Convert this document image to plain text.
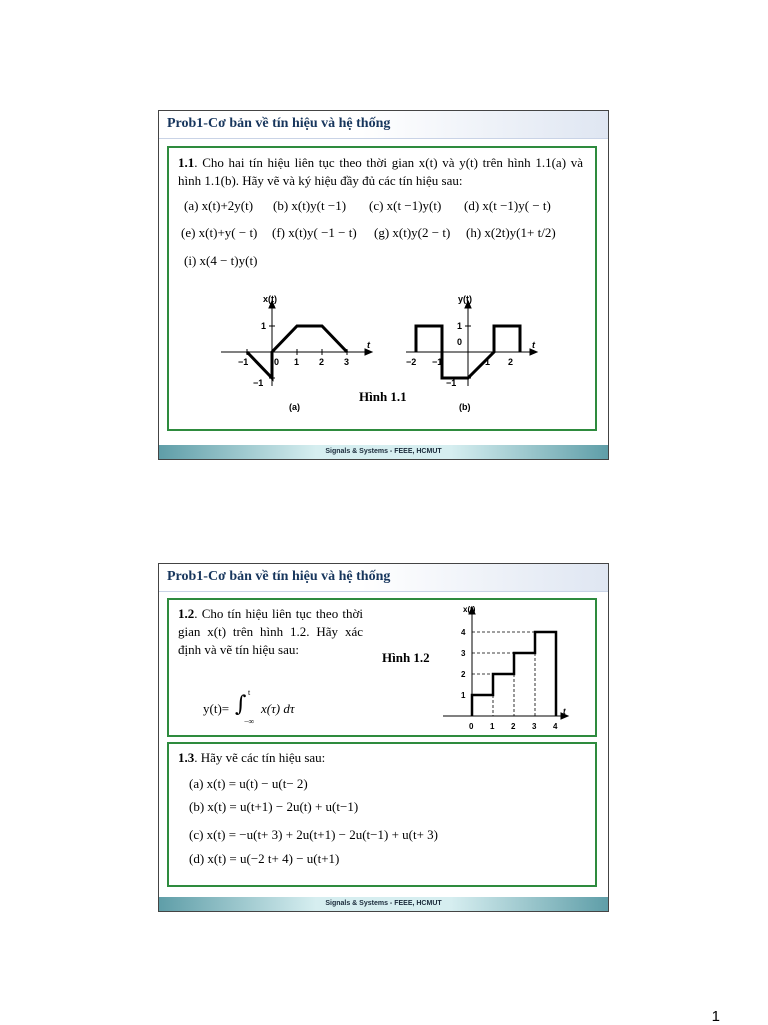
Prob1-Cơ bản về tín hiệu và hệ thống
1.1. Cho hai tín hiệu liên tục theo thời gian x(t) và y(t) trên hình 1.1(a) và hình 1.1(b). Hãy vẽ và ký hiệu đầy đủ các tín hiệu sau:
(a) x(t)+2y(t) (b) x(t)y(t −1) (c) x(t −1)y(t) (d) x(t −1)y( − t)
(e) x(t)+y( − t) (f) x(t)y( −1 − t) (g) x(t)y(2 − t) (h) x(2t)y(1+ t/2)
(i) x(4 − t)y(t)
x(t)
t
−1	0 1 2 3
1
−1
(a)
Hình 1.1
y(t)
t
−2 −1	1 2
1
0
−1
(b)
Signals & Systems - FEEE, HCMUT
Prob1-Cơ bản về tín hiệu và hệ thống
1.2. Cho tín hiệu liên tục theo thời gian x(t) trên hình 1.2. Hãy xác định và vẽ tín hiệu sau:
y(t)= ∫ t
−∞
x(τ) dτ
Hình 1.2
x(t)
t
0 1 2 3 4
1
2
3
4
1.3. Hãy vẽ các tín hiệu sau:
(a) x(t) = u(t) − u(t− 2)
(b) x(t) = u(t+1) − 2u(t) + u(t−1)
(c) x(t) = −u(t+ 3) + 2u(t+1) − 2u(t−1) + u(t+ 3)
(d) x(t) = u(−2 t+ 4) − u(t+1)
Signals & Systems - FEEE, HCMUT
1
